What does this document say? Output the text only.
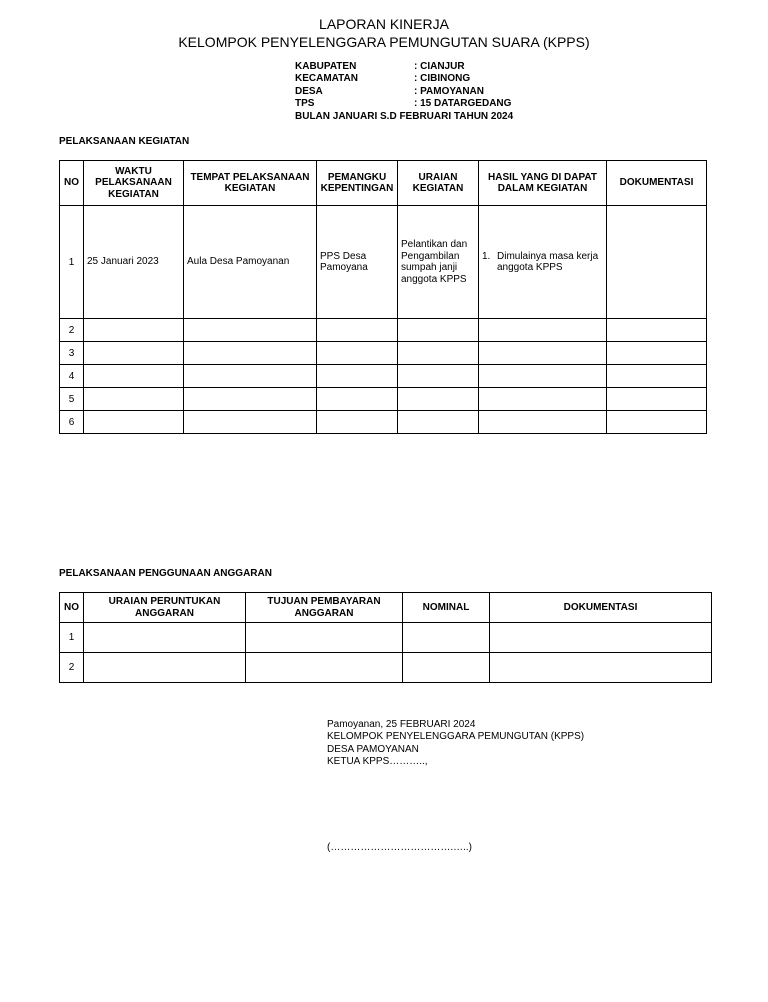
LAPORAN KINERJA
KELOMPOK PENYELENGGARA PEMUNGUTAN SUARA (KPPS)
KABUPATEN	: CIANJUR
KECAMATAN	: CIBINONG
DESA	: PAMOYANAN
TPS	: 15 DATARGEDANG
BULAN JANUARI S.D FEBRUARI TAHUN 2024
PELAKSANAAN KEGIATAN
NO	WAKTU PELAKSANAAN KEGIATAN	TEMPAT PELAKSANAAN KEGIATAN	PEMANGKU KEPENTINGAN	URAIAN KEGIATAN	HASIL YANG DI DAPAT DALAM KEGIATAN	DOKUMENTASI
1	25 Januari 2023	Aula Desa Pamoyanan	PPS Desa Pamoyana	Pelantikan dan Pengambilan sumpah janji anggota KPPS	1. Dimulainya masa kerja anggota KPPS	

2						
3						
4						
5						
6						
PELAKSANAAN PENGGUNAAN ANGGARAN
NO	URAIAN PERUNTUKAN ANGGARAN	TUJUAN PEMBAYARAN ANGGARAN	NOMINAL	DOKUMENTASI
1				
2				
Pamoyanan, 25 FEBRUARI 2024
KELOMPOK PENYELENGGARA PEMUNGUTAN (KPPS)
DESA PAMOYANAN
KETUA KPPS………..,
(……………………………….…..)
